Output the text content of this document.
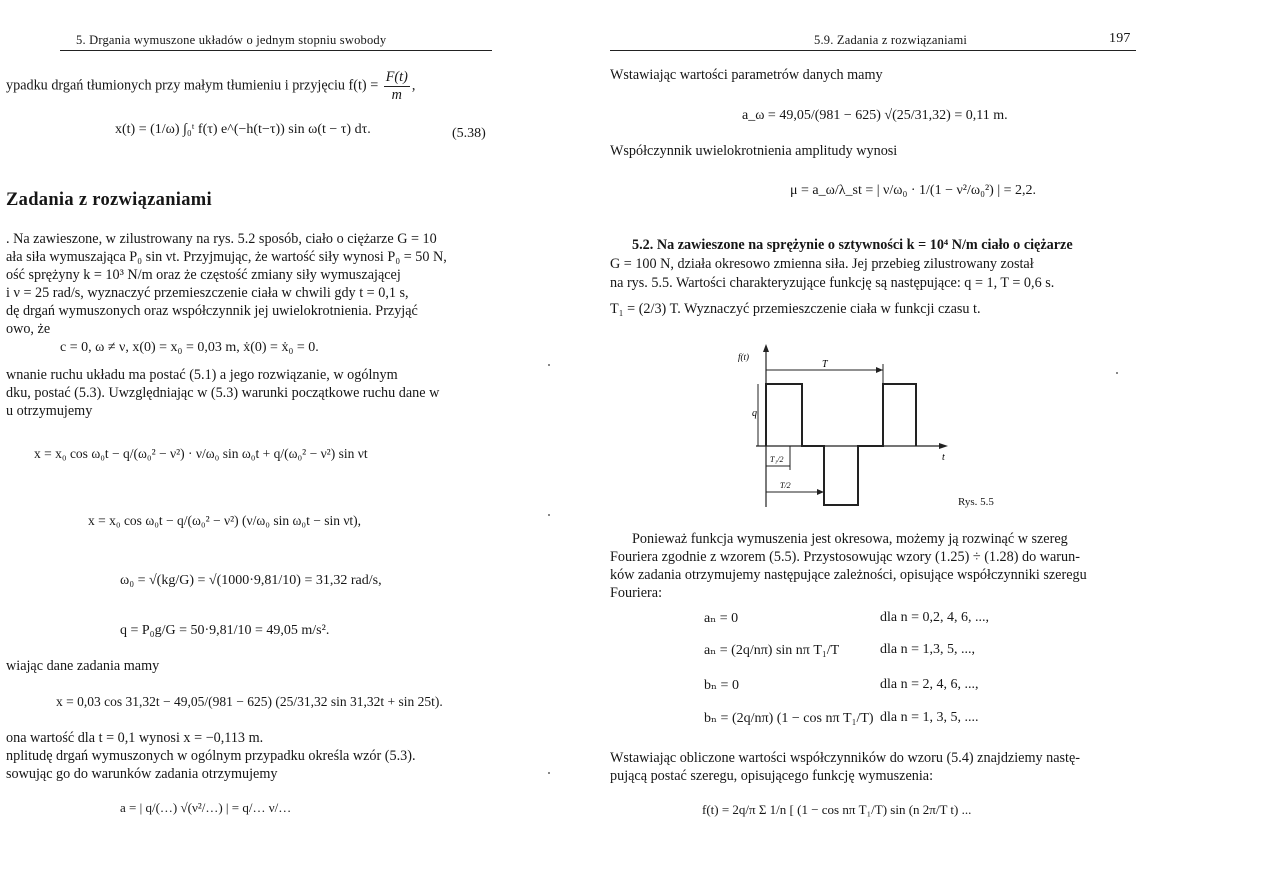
5. Drgania wymuszone układów o jednym stopniu swobody
ypadku drgań tłumionych przy małym tłumieniu i przyjęciu $f(t) = \frac{F(t)}{m}$ ,
x(t) = (1/ω) ∫₀ᵗ f(τ) e^(−h(t−τ)) sin ω(t − τ) dτ.	(5.38)
Zadania z rozwiązaniami
. Na zawieszone, w zilustrowany na rys. 5.2 sposób, ciało o ciężarze G = 10
ała siła wymuszająca P₀ sin νt. Przyjmując, że wartość siły wynosi P₀ = 50 N,
ość sprężyny k = 10³ N/m oraz że częstość zmiany siły wymuszającej
i ν = 25 rad/s, wyznaczyć przemieszczenie ciała w chwili gdy t = 0,1 s,
dę drgań wymuszonych oraz współczynnik jej uwielokrotnienia. Przyjąć
owo, że
c = 0, ω ≠ ν, x(0) = x₀ = 0,03 m, ẋ(0) = ẋ₀ = 0.
wnanie ruchu układu ma postać (5.1) a jego rozwiązanie, w ogólnym
dku, postać (5.3). Uwzględniając w (5.3) warunki początkowe ruchu dane w
u otrzymujemy
x = x₀ cos ω₀t − q/(ω₀² − ν²) · ν/ω₀ sin ω₀t + q/(ω₀² − ν²) sin νt
x = x₀ cos ω₀t − q/(ω₀² − ν²) (ν/ω₀ sin ω₀t − sin νt),
ω₀ = √(kg/G) = √(1000·9,81/10) = 31,32 rad/s,
q = P₀g/G = 50·9,81/10 = 49,05 m/s².
wiając dane zadania mamy
x = 0,03 cos 31,32t − 49,05/(981 − 625) (25/31,32 sin 31,32t + sin 25t).
ona wartość dla t = 0,1 wynosi x = −0,113 m.
nplitudę drgań wymuszonych w ogólnym przypadku określa wzór (5.3).
sowując go do warunków zadania otrzymujemy
a = | q/(…) √(ν²/…) | = q/… ν/…
5.9. Zadania z rozwiązaniami	197
Wstawiając wartości parametrów danych mamy
a_ω = 49,05/(981 − 625) √(25/31,32) = 0,11 m.
Współczynnik uwielokrotnienia amplitudy wynosi
μ = a_ω/λ_st = | ν/ω₀ · 1/(1 − ν²/ω₀²) | = 2,2.
5.2. Na zawieszone na sprężynie o sztywności k = 10⁴ N/m ciało o ciężarze
G = 100 N, działa okresowo zmienna siła. Jej przebieg zilustrowany został
na rys. 5.5. Wartości charakteryzujące funkcję są następujące: q = 1, T = 0,6 s.
T₁ = (2/3) T. Wyznaczyć przemieszczenie ciała w funkcji czasu t.
f(t)
T
q
t
T₁/2
T/2
Rys. 5.5
Ponieważ funkcja wymuszenia jest okresowa, możemy ją rozwinąć w szereg
Fouriera zgodnie z wzorem (5.5). Przystosowując wzory (1.25) ÷ (1.28) do warun-
ków zadania otrzymujemy następujące zależności, opisujące współczynniki szeregu
Fouriera:
aₙ = 0	dla n = 0,2, 4, 6, ...,
aₙ = (2q/nπ) sin nπ T₁/T	dla n = 1,3, 5, ...,
bₙ = 0	dla n = 2, 4, 6, ...,
bₙ = (2q/nπ) (1 − cos nπ T₁/T) dla n = 1, 3, 5, ....
Wstawiając obliczone wartości współczynników do wzoru (5.4) znajdziemy nastę-
pującą postać szeregu, opisującego funkcję wymuszenia:
f(t) = 2q/π Σ 1/n [ (1 − cos nπ T₁/T) sin (n 2π/T t) ...
